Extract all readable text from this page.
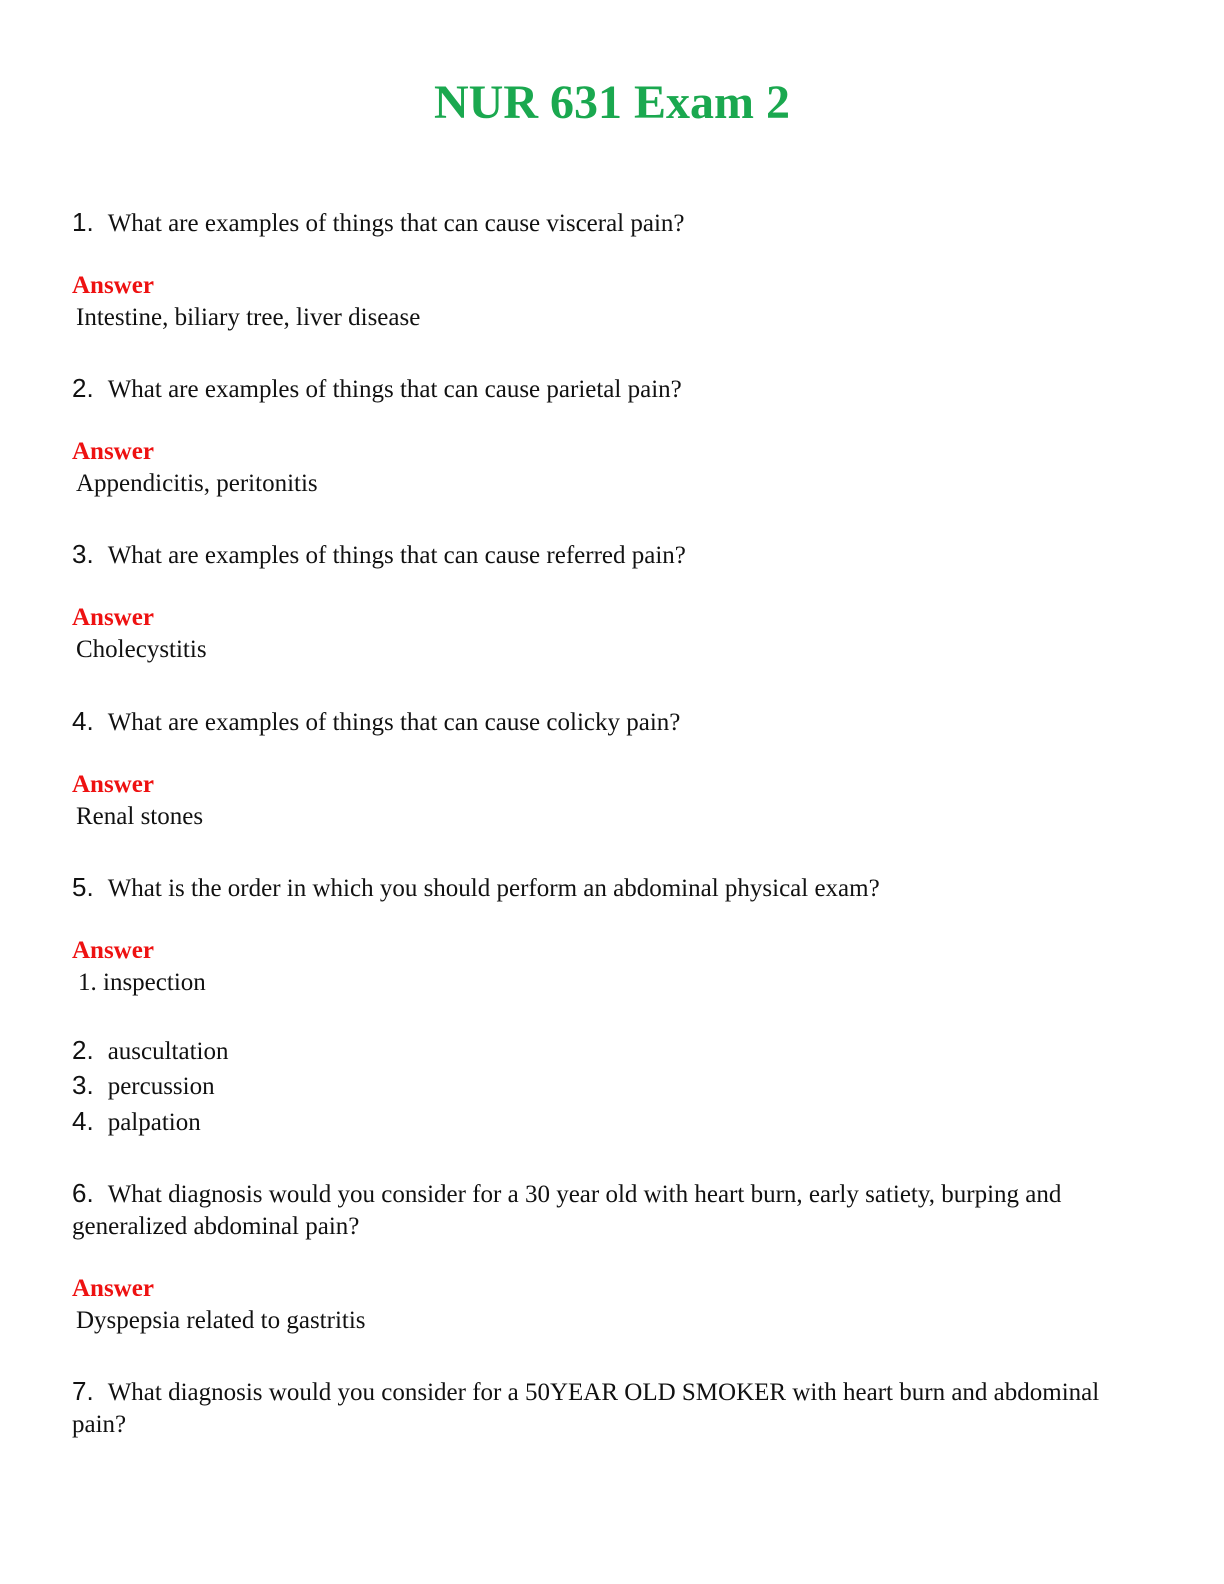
NUR 631 Exam 2
1. What are examples of things that can cause visceral pain?
Answer
Intestine, biliary tree, liver disease
2. What are examples of things that can cause parietal pain?
Answer
Appendicitis, peritonitis
3. What are examples of things that can cause referred pain?
Answer
Cholecystitis
4. What are examples of things that can cause colicky pain?
Answer
Renal stones
5. What is the order in which you should perform an abdominal physical exam?
Answer
1. inspection
2. auscultation
3. percussion
4. palpation
6. What diagnosis would you consider for a 30 year old with heart burn, early satiety, burping and generalized abdominal pain?
Answer
Dyspepsia related to gastritis
7. What diagnosis would you consider for a 50YEAR OLD SMOKER with heart burn and abdominal pain?
